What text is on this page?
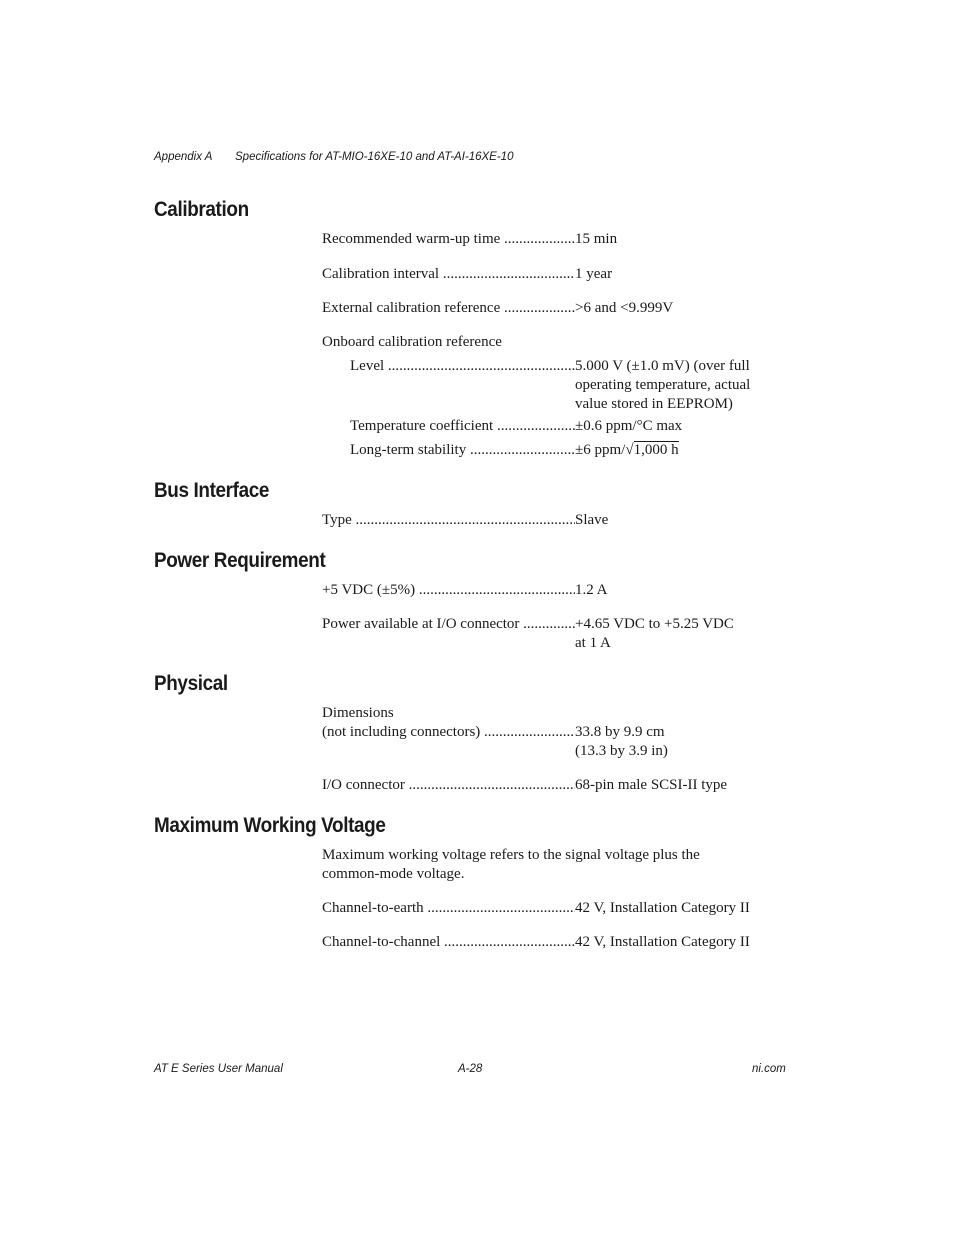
Appendix A Specifications for AT-MIO-16XE-10 and AT-AI-16XE-10
Calibration
Recommended warm-up time .....	15 min
Calibration interval .....	1 year
External calibration reference .....	>6 and <9.999V
Onboard calibration reference
Level .....	5.000 V (±1.0 mV) (over full
operating temperature, actual
value stored in EEPROM)
Temperature coefficient .....	±0.6 ppm/°C max
Long-term stability .....	±6 ppm/√1,000 h
Bus Interface
Type .....	Slave
Power Requirement
+5 VDC (±5%) .....	1.2 A
Power available at I/O connector .....	+4.65 VDC to +5.25 VDC
at 1 A
Physical
Dimensions
(not including connectors) .....	33.8 by 9.9 cm
(13.3 by 3.9 in)
I/O connector .....	68-pin male SCSI-II type
Maximum Working Voltage
Maximum working voltage refers to the signal voltage plus the
common-mode voltage.
Channel-to-earth .....	42 V, Installation Category II
Channel-to-channel .....	42 V, Installation Category II
AT E Series User Manual	A-28	ni.com
